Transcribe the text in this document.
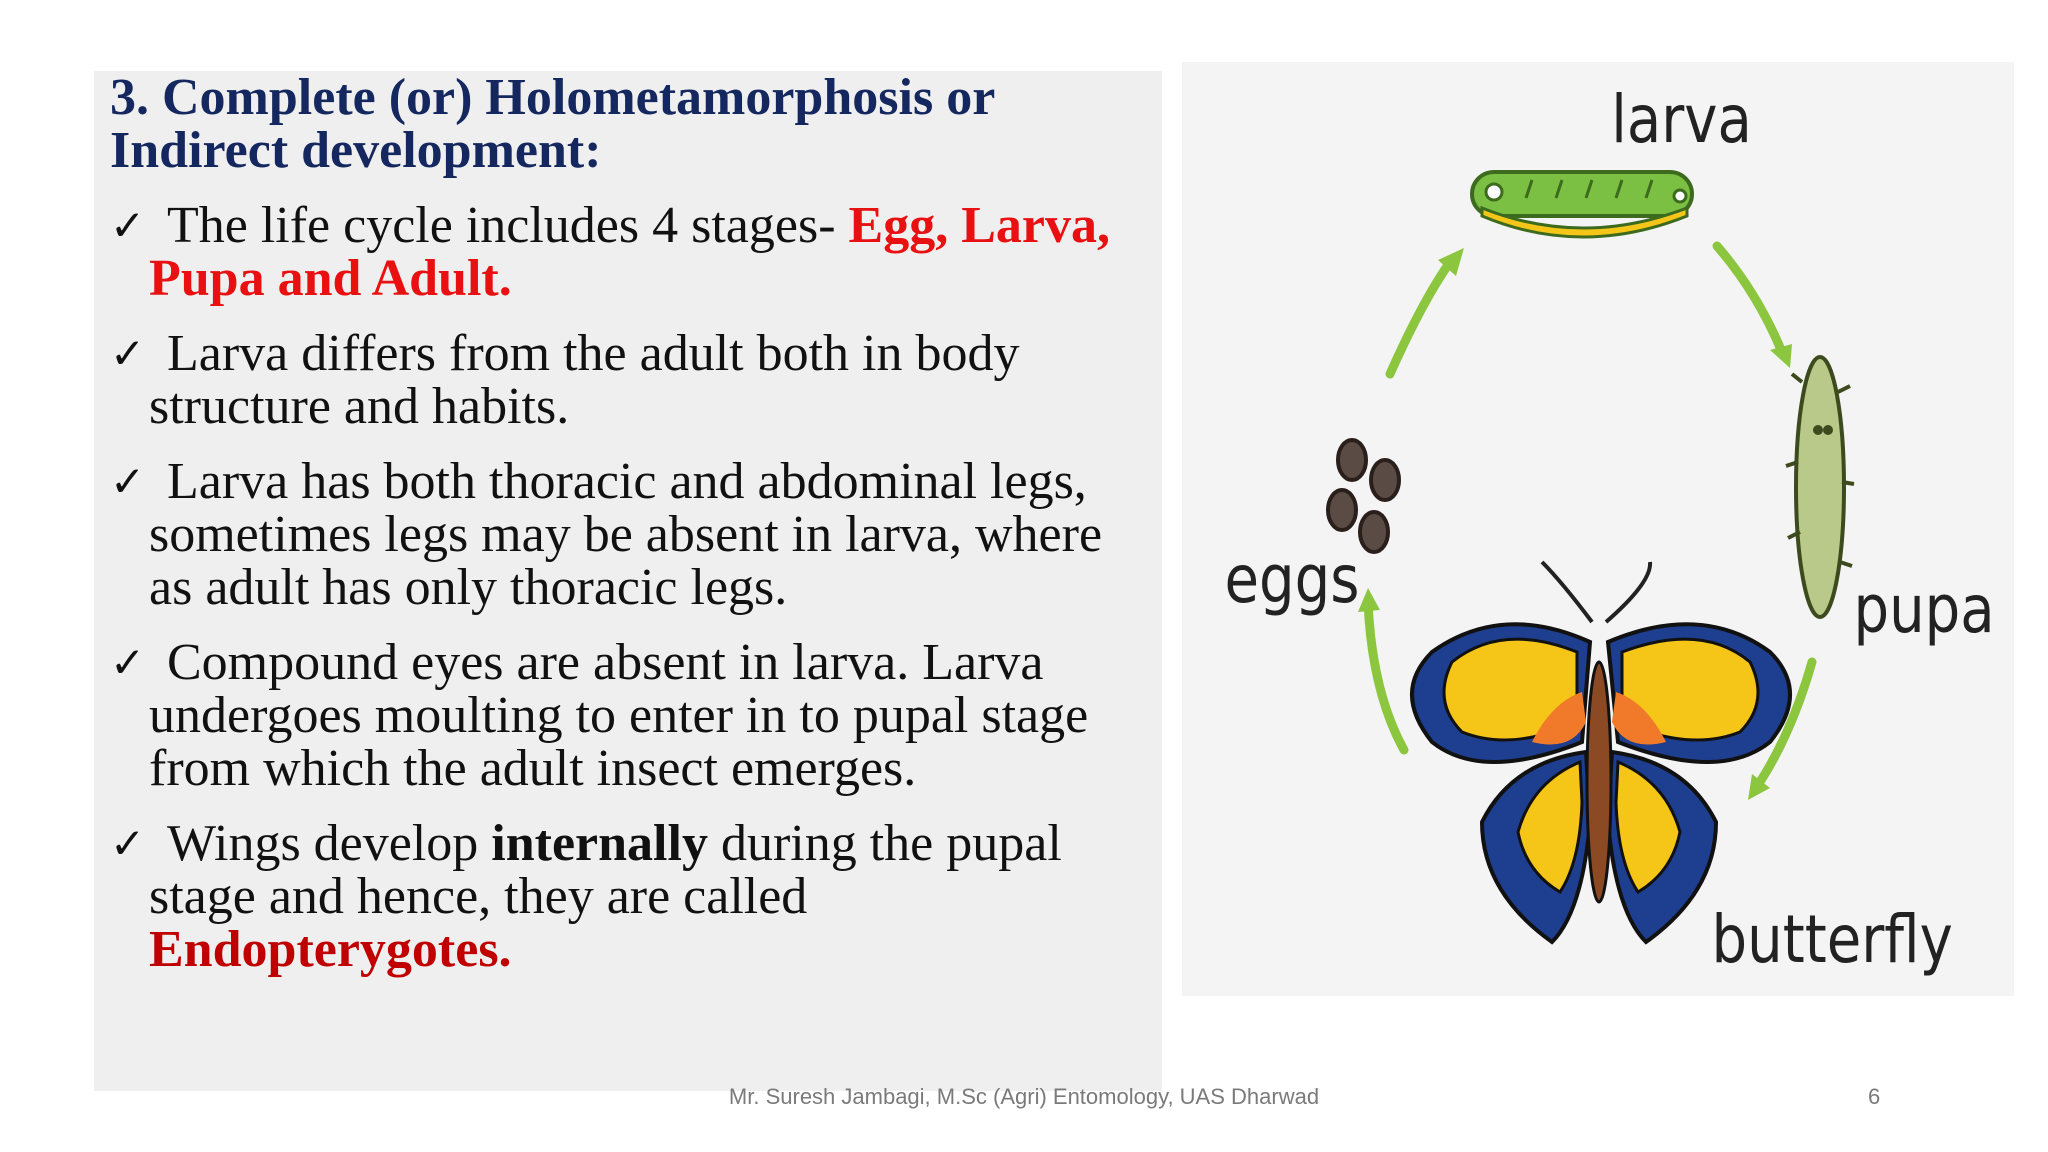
3. Complete (or) Holometamorphosis or Indirect development:
✓ The life cycle includes 4 stages- Egg, Larva, Pupa and Adult.
✓ Larva differs from the adult both in body structure and habits.
✓ Larva has both thoracic and abdominal legs, sometimes legs may be absent in larva, where as adult has only thoracic legs.
✓ Compound eyes are absent in larva. Larva undergoes moulting to enter in to pupal stage from which the adult insect emerges.
✓ Wings develop internally during the pupal stage and hence, they are called Endopterygotes.
larva
pupa
eggs
butterfly
Mr. Suresh Jambagi, M.Sc (Agri) Entomology, UAS Dharwad	6
